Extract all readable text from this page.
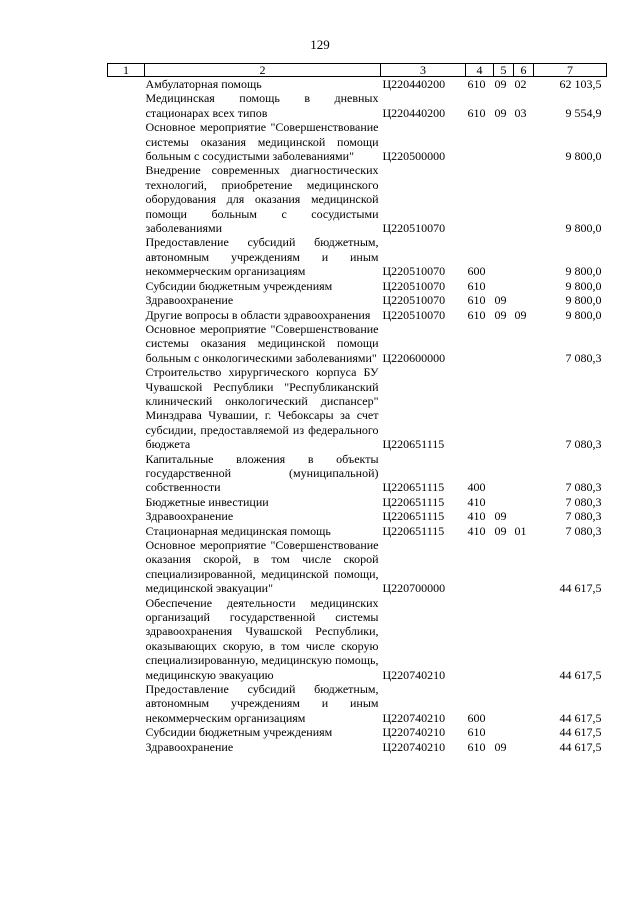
129
1	2	3	4	5	6	7
	Амбулаторная помощь	Ц220440200	610	09	02	62 103,5
	Медицинская помощь в дневных стационарах всех типов	Ц220440200	610	09	03	9 554,9
	Основное мероприятие "Совершенствование системы оказания медицинской помощи больным с сосудистыми заболеваниями"	Ц220500000				9 800,0
	Внедрение современных диагностических технологий, приобретение медицинского оборудования для оказания медицинской помощи больным с сосудистыми заболеваниями	Ц220510070				9 800,0
	Предоставление субсидий бюджетным, автономным учреждениям и иным некоммерческим организациям	Ц220510070	600			9 800,0
	Субсидии бюджетным учреждениям	Ц220510070	610			9 800,0
	Здравоохранение	Ц220510070	610	09		9 800,0
	Другие вопросы в области здравоохранения	Ц220510070	610	09	09	9 800,0
	Основное мероприятие "Совершенствование системы оказания медицинской помощи больным с онкологическими заболеваниями"	Ц220600000				7 080,3
	Строительство хирургического корпуса БУ Чувашской Республики "Республиканский клинический онкологический диспансер" Минздрава Чувашии, г. Чебоксары за счет субсидии, предоставляемой из федерального бюджета	Ц220651115				7 080,3
	Капитальные вложения в объекты государственной (муниципальной) собственности	Ц220651115	400			7 080,3
	Бюджетные инвестиции	Ц220651115	410			7 080,3
	Здравоохранение	Ц220651115	410	09		7 080,3
	Стационарная медицинская помощь	Ц220651115	410	09	01	7 080,3
	Основное мероприятие "Совершенствование оказания скорой, в том числе скорой специализированной, медицинской помощи, медицинской эвакуации"	Ц220700000				44 617,5
	Обеспечение деятельности медицинских организаций государственной системы здравоохранения Чувашской Республики, оказывающих скорую, в том числе скорую специализированную, медицинскую помощь, медицинскую эвакуацию	Ц220740210				44 617,5
	Предоставление субсидий бюджетным, автономным учреждениям и иным некоммерческим организациям	Ц220740210	600			44 617,5
	Субсидии бюджетным учреждениям	Ц220740210	610			44 617,5
	Здравоохранение	Ц220740210	610	09		44 617,5
